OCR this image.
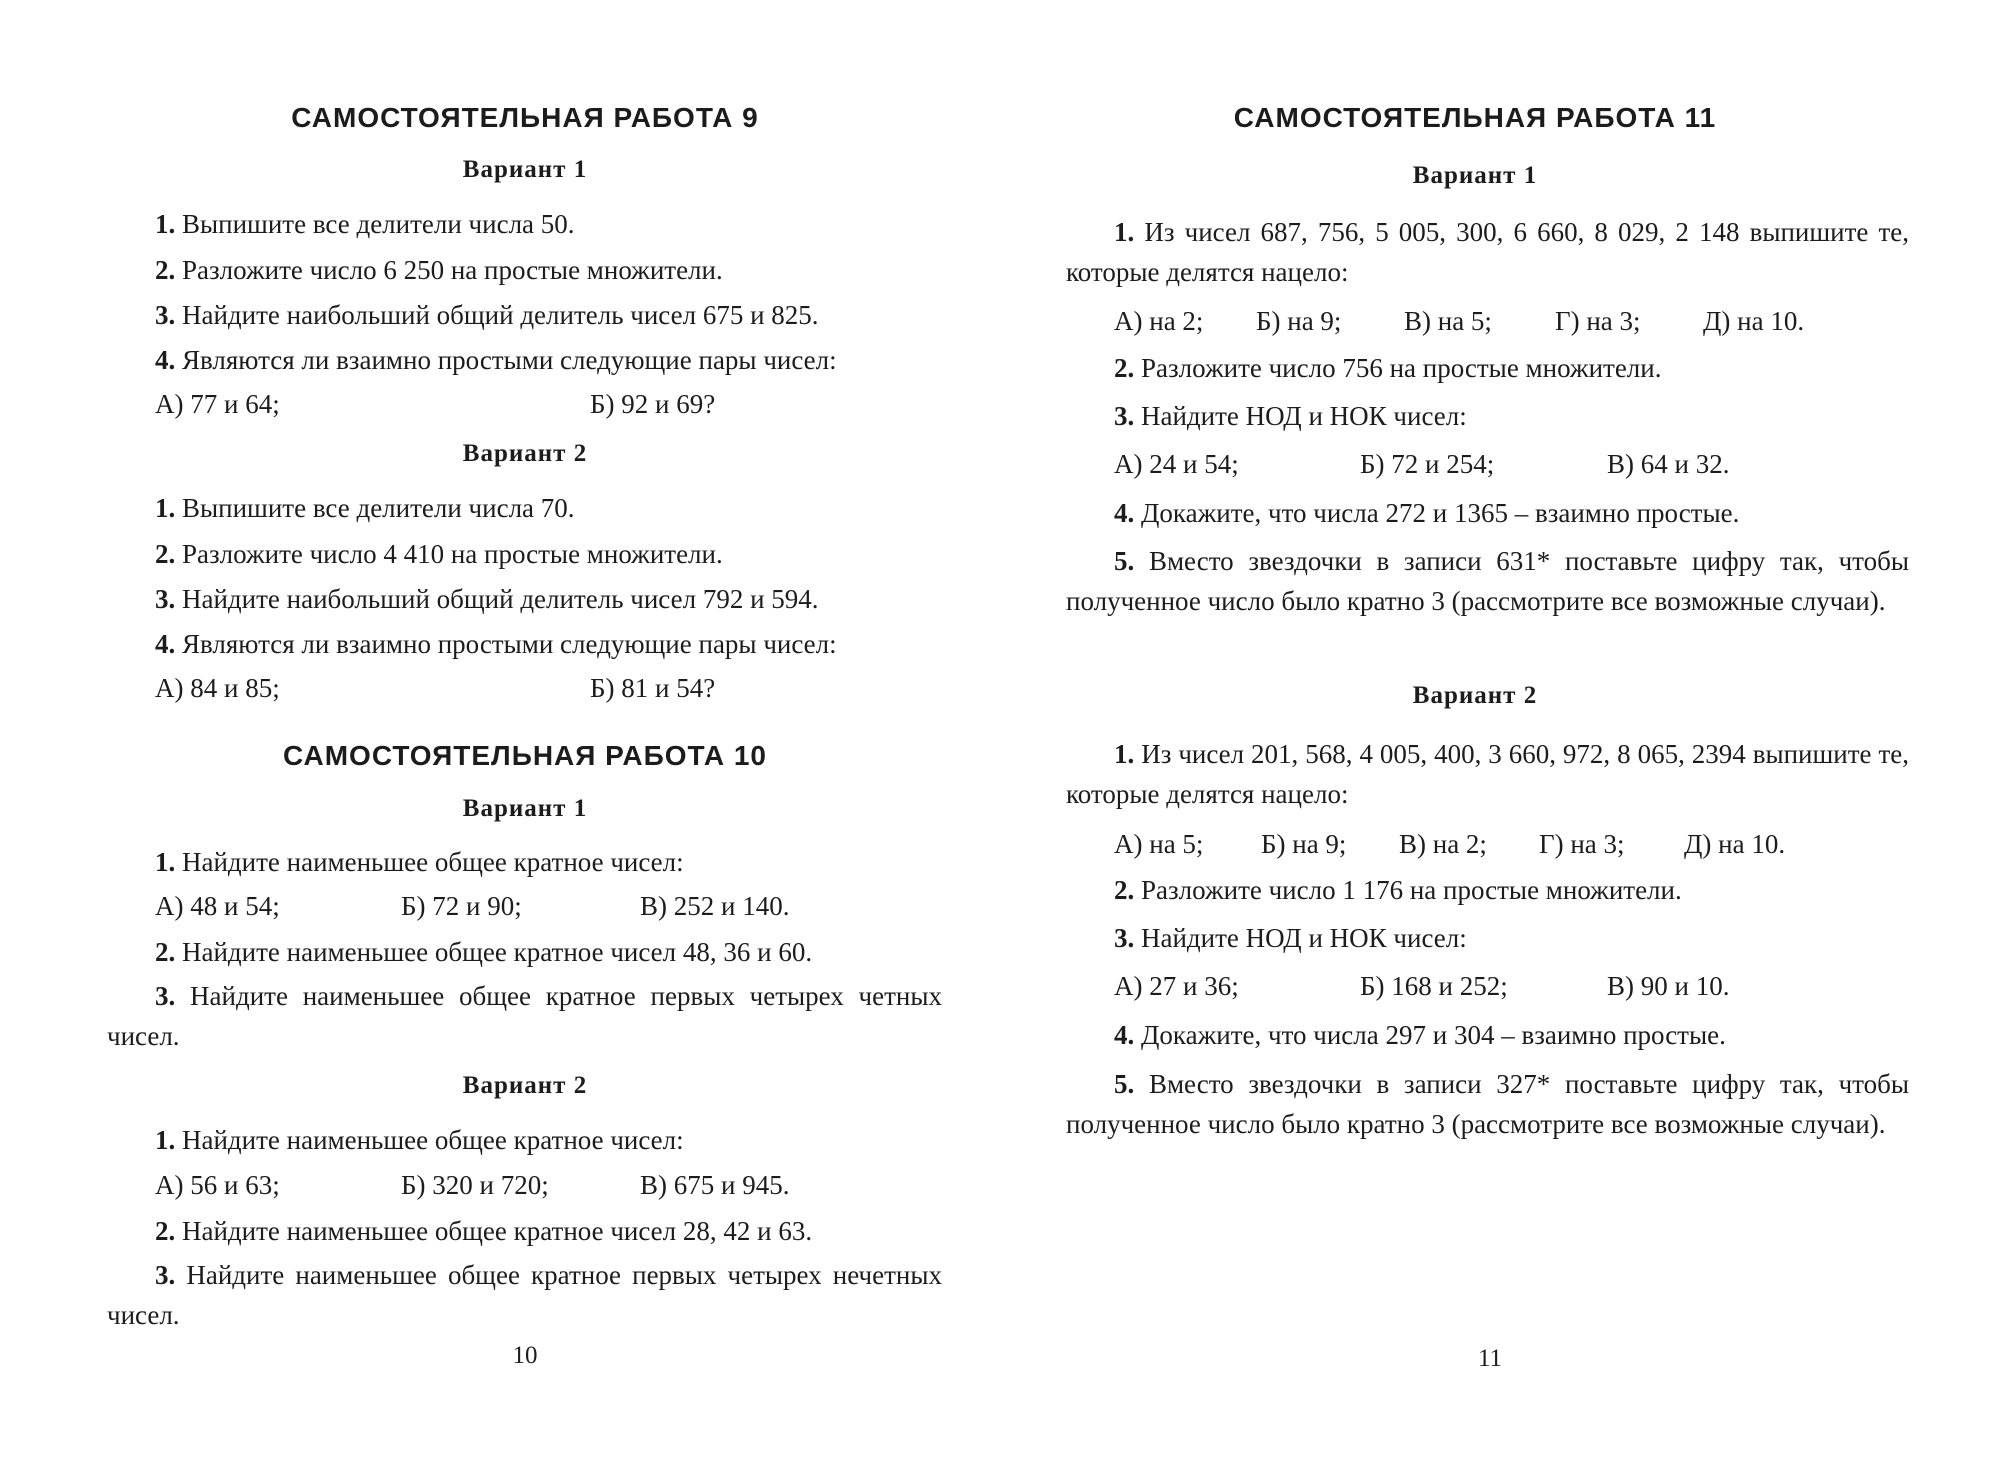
САМОСТОЯТЕЛЬНАЯ РАБОТА 9
Вариант 1

1. Выпишите все делители числа 50.

2. Разложите число 6 250 на простые множители.

3. Найдите наибольший общий делитель чисел 675 и 825.

4. Являются ли взаимно простыми следующие пары чисел:

А) 77 и 64;	Б) 92 и 69?
Вариант 2

1. Выпишите все делители числа 70.

2. Разложите число 4 410 на простые множители.

3. Найдите наибольший общий делитель чисел 792 и 594.

4. Являются ли взаимно простыми следующие пары чисел:

А) 84 и 85;	Б) 81 и 54?
САМОСТОЯТЕЛЬНАЯ РАБОТА 10
Вариант 1

1. Найдите наименьшее общее кратное чисел:

А) 48 и 54;	Б) 72 и 90;	В) 252 и 140.

2. Найдите наименьшее общее кратное чисел 48, 36 и 60.

3. Найдите наименьшее общее кратное первых четырех четных чисел.

Вариант 2

1. Найдите наименьшее общее кратное чисел:

А) 56 и 63;	Б) 320 и 720;	В) 675 и 945.

2. Найдите наименьшее общее кратное чисел 28, 42 и 63.

3. Найдите наименьшее общее кратное первых четырех нечетных чисел.

10

САМОСТОЯТЕЛЬНАЯ РАБОТА 11
Вариант 1

1. Из чисел 687, 756, 5 005, 300, 6 660, 8 029, 2 148 выпишите те, которые делятся нацело:

А) на 2; Б) на 9; В) на 5; Г) на 3; Д) на 10.

2. Разложите число 756 на простые множители.

3. Найдите НОД и НОК чисел:

А) 24 и 54;	Б) 72 и 254;	В) 64 и 32.

4. Докажите, что числа 272 и 1365 – взаимно простые.

5. Вместо звездочки в записи 631* поставьте цифру так, чтобы полученное число было кратно 3 (рассмотрите все возможные случаи).

Вариант 2

1. Из чисел 201, 568, 4 005, 400, 3 660, 972, 8 065, 2394 выпишите те, которые делятся нацело:

А) на 5; Б) на 9; В) на 2; Г) на 3; Д) на 10.

2. Разложите число 1 176 на простые множители.

3. Найдите НОД и НОК чисел:

А) 27 и 36;	Б) 168 и 252;	В) 90 и 10.

4. Докажите, что числа 297 и 304 – взаимно простые.

5. Вместо звездочки в записи 327* поставьте цифру так, чтобы полученное число было кратно 3 (рассмотрите все возможные случаи).

11
